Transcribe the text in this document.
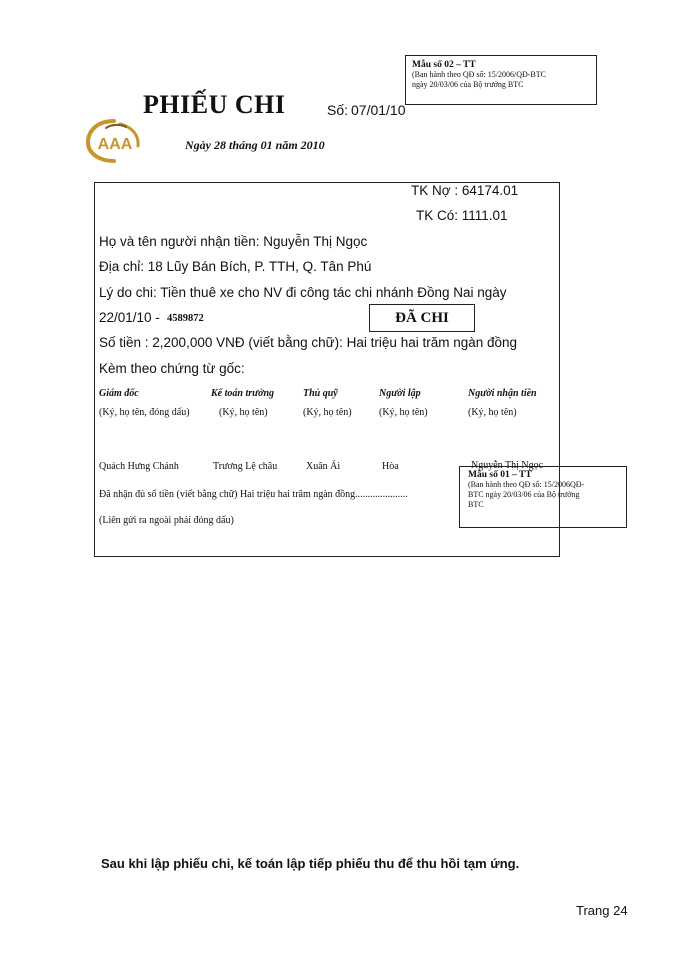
Mẫu số 02 – TT
(Ban hành theo QĐ số: 15/2006/QĐ-BTC
ngày 20/03/06 của Bộ trưởng BTC
PHIẾU CHI	Số: 07/01/10
AAA	Ngày 28 tháng 01 năm 2010
TK Nợ : 64174.01
TK Có: 1111.01
Họ và tên người nhận tiền: Nguyễn Thị Ngọc
Địa chỉ: 18 Lũy Bán Bích, P. TTH, Q. Tân Phú
Lý do chi: Tiền thuê xe cho NV đi công tác chi nhánh Đồng Nai ngày
22/01/10 - 4589872	ĐÃ CHI
Số tiền : 2,200,000 VNĐ (viết bằng chữ): Hai triệu hai trăm ngàn đồng
Kèm theo chứng từ gốc:
Giám đốc	Kế toán trưởng	Thủ quỹ	Người lập	Người nhận tiền
(Ký, họ tên, đóng dấu)	(Ký, họ tên)	(Ký, họ tên)	(Ký, họ tên)	(Ký, họ tên)
Quách Hưng Chánh	Trương Lệ châu	Xuân Ái	Hòa	Nguyễn Thị Ngọc
Đã nhận đủ số tiền (viết bằng chữ) Hai triệu hai trăm ngàn đồng.....................
(Liên gửi ra ngoài phải đóng dấu)
Mẫu số 01 – TT
(Ban hành theo QĐ số: 15/2006QĐ-
BTC ngày 20/03/06 của Bộ trưởng
BTC
Sau khi lập phiếu chi, kế toán lập tiếp phiếu thu để thu hồi tạm ứng.
Trang 24
